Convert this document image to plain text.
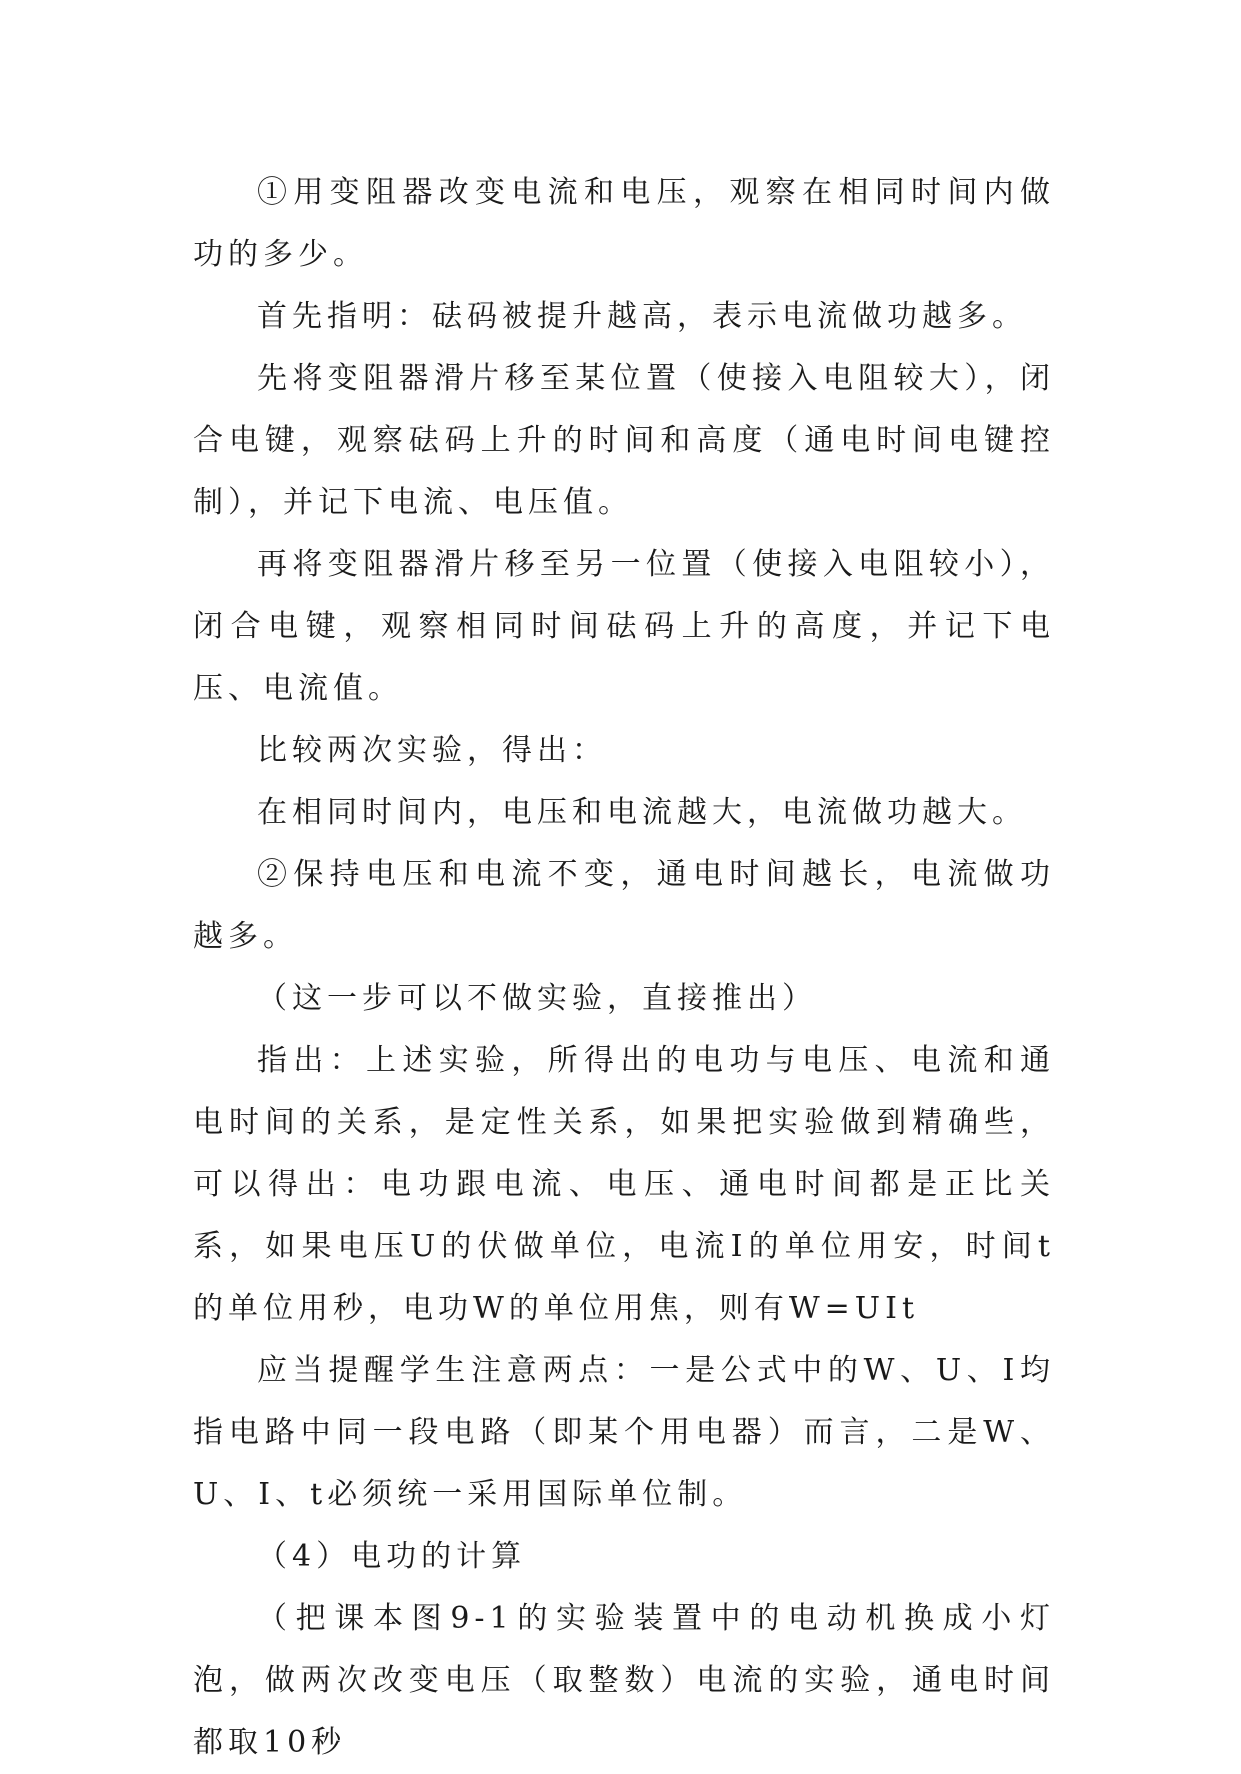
①用变阻器改变电流和电压，观察在相同时间内做功的多少。

首先指明：砝码被提升越高，表示电流做功越多。

先将变阻器滑片移至某位置（使接入电阻较大），闭合电键，观察砝码上升的时间和高度（通电时间电键控制），并记下电流、电压值。

再将变阻器滑片移至另一位置（使接入电阻较小），闭合电键，观察相同时间砝码上升的高度，并记下电压、电流值。

比较两次实验，得出：

在相同时间内，电压和电流越大，电流做功越大。

②保持电压和电流不变，通电时间越长，电流做功越多。

（这一步可以不做实验，直接推出）

指出：上述实验，所得出的电功与电压、电流和通电时间的关系，是定性关系，如果把实验做到精确些，可以得出：电功跟电流、电压、通电时间都是正比关系，如果电压U的伏做单位，电流I的单位用安，时间t的单位用秒，电功W的单位用焦，则有W=UIt

应当提醒学生注意两点：一是公式中的W、U、I均指电路中同一段电路（即某个用电器）而言，二是W、U、I、t必须统一采用国际单位制。

（4）电功的计算

（把课本图9-1的实验装置中的电动机换成小灯泡，做两次改变电压（取整数）电流的实验，通电时间都取10秒
